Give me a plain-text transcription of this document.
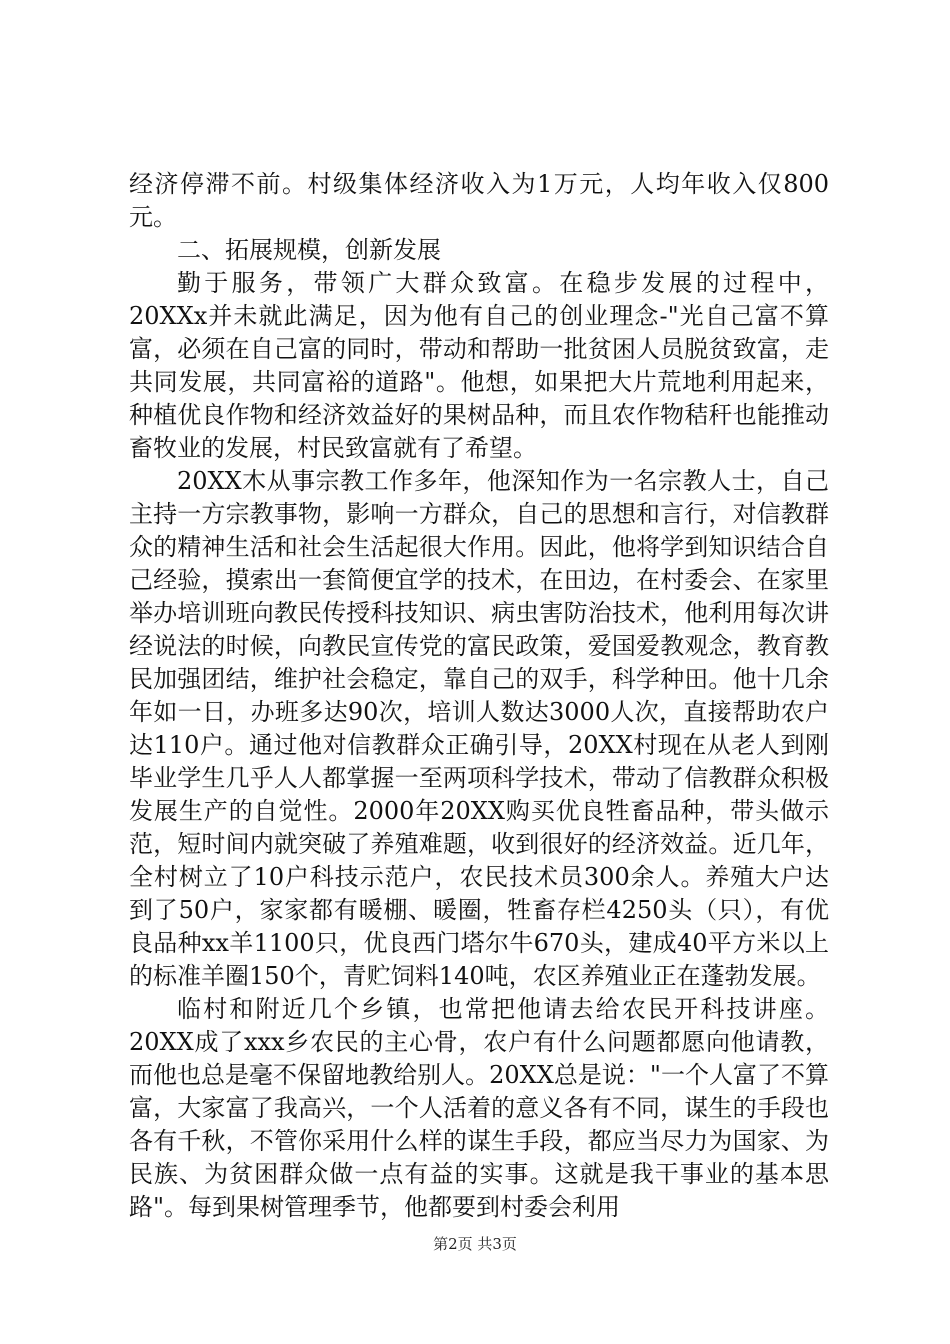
经济停滞不前。村级集体经济收入为1万元，人均年收入仅800元。

二、拓展规模，创新发展

勤于服务，带领广大群众致富。在稳步发展的过程中，20XXx并未就此满足，因为他有自己的创业理念-"光自己富不算富，必须在自己富的同时，带动和帮助一批贫困人员脱贫致富，走共同发展，共同富裕的道路"。他想，如果把大片荒地利用起来，种植优良作物和经济效益好的果树品种，而且农作物秸秆也能推动畜牧业的发展，村民致富就有了希望。

20XX木从事宗教工作多年，他深知作为一名宗教人士，自己主持一方宗教事物，影响一方群众，自己的思想和言行，对信教群众的精神生活和社会生活起很大作用。因此，他将学到知识结合自己经验，摸索出一套简便宜学的技术，在田边，在村委会、在家里举办培训班向教民传授科技知识、病虫害防治技术，他利用每次讲经说法的时候，向教民宣传党的富民政策，爱国爱教观念，教育教民加强团结，维护社会稳定，靠自己的双手，科学种田。他十几余年如一日，办班多达90次，培训人数达3000人次，直接帮助农户达110户。通过他对信教群众正确引导，20XX村现在从老人到刚毕业学生几乎人人都掌握一至两项科学技术，带动了信教群众积极发展生产的自觉性。2000年20XX购买优良牲畜品种，带头做示范，短时间内就突破了养殖难题，收到很好的经济效益。近几年，全村树立了10户科技示范户，农民技术员300余人。养殖大户达到了50户，家家都有暖棚、暖圈，牲畜存栏4250头（只），有优良品种xx羊1100只，优良西门塔尔牛670头，建成40平方米以上的标准羊圈150个，青贮饲料140吨，农区养殖业正在蓬勃发展。

临村和附近几个乡镇，也常把他请去给农民开科技讲座。20XX成了xxx乡农民的主心骨，农户有什么问题都愿向他请教，而他也总是毫不保留地教给别人。20XX总是说："一个人富了不算富，大家富了我高兴，一个人活着的意义各有不同，谋生的手段也各有千秋，不管你采用什么样的谋生手段，都应当尽力为国家、为民族、为贫困群众做一点有益的实事。这就是我干事业的基本思路"。每到果树管理季节，他都要到村委会利用

第2页 共3页
